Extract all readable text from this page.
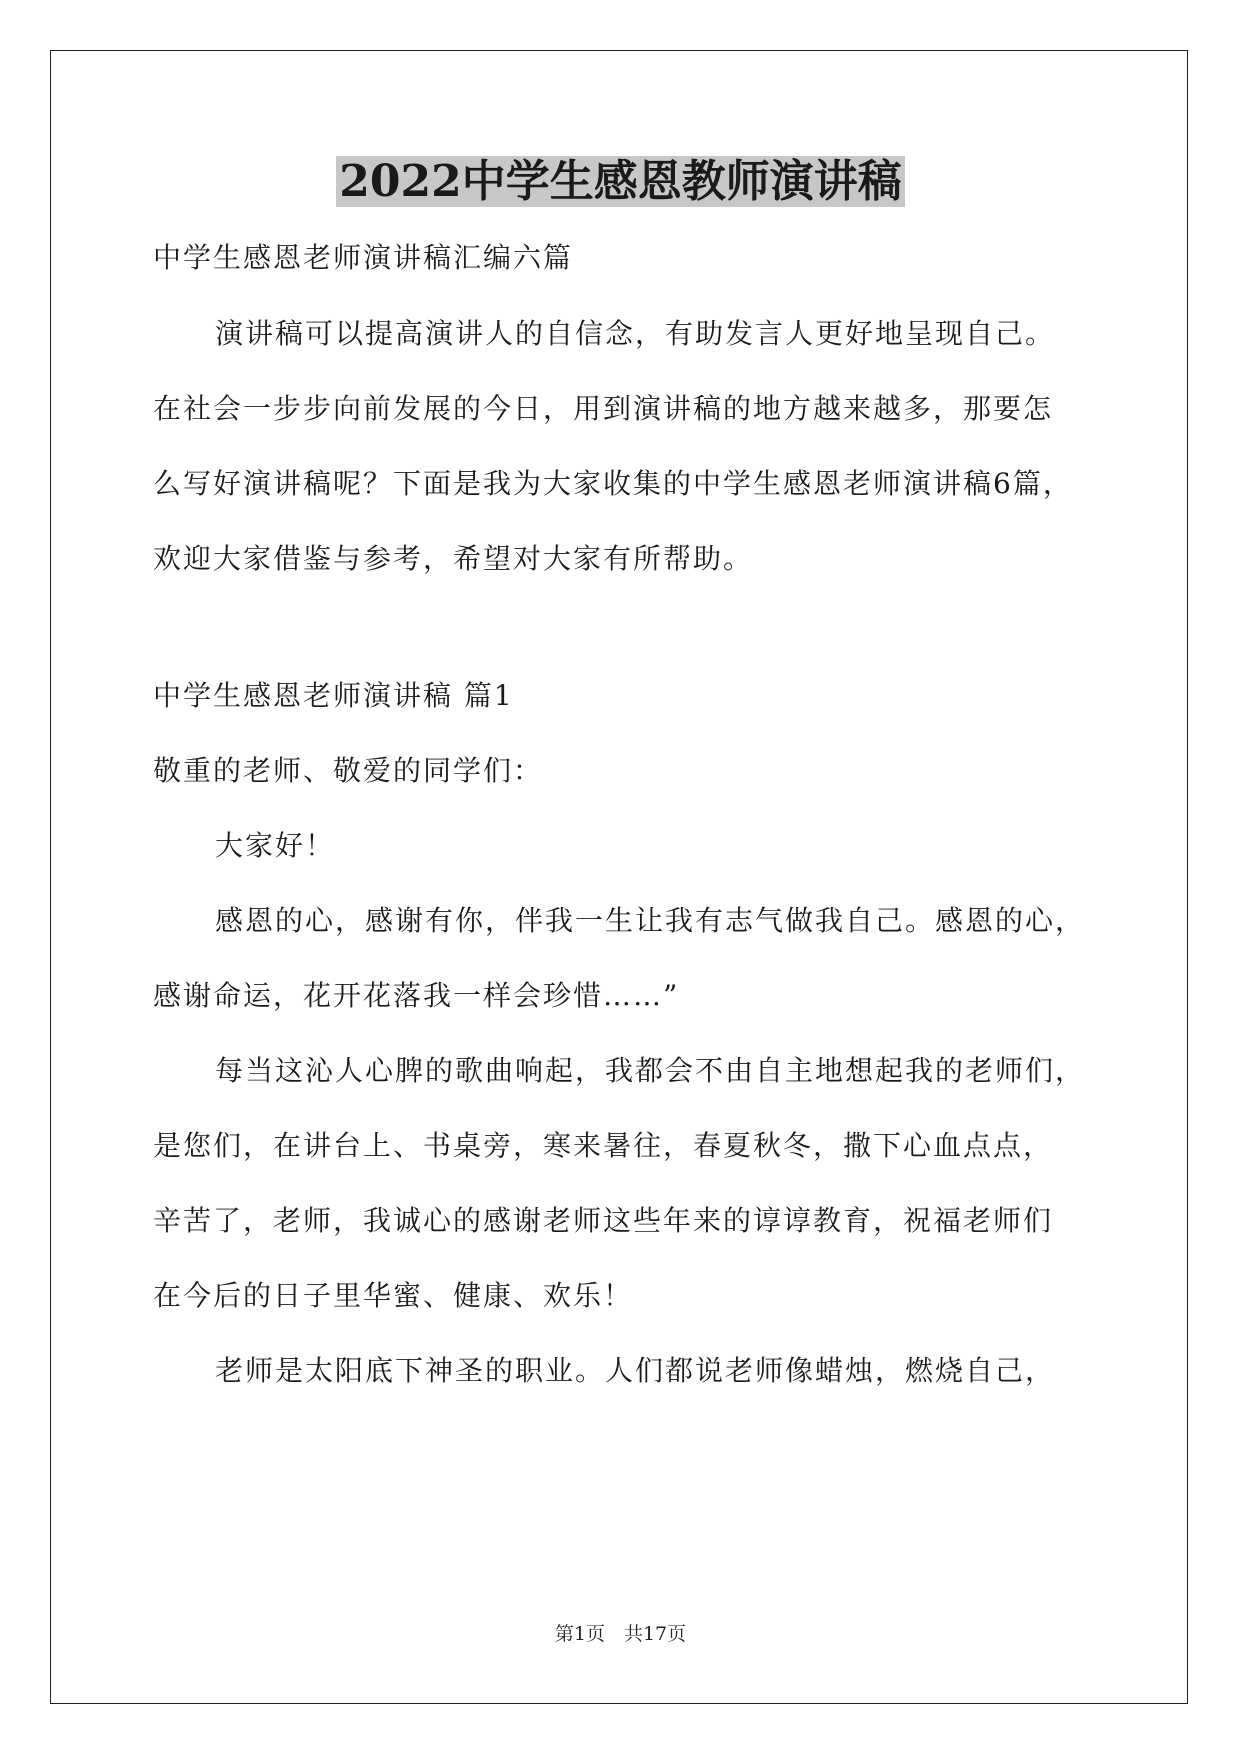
2022中学生感恩教师演讲稿
中学生感恩老师演讲稿汇编六篇
演讲稿可以提高演讲人的自信念，有助发言人更好地呈现自己。
在社会一步步向前发展的今日，用到演讲稿的地方越来越多，那要怎
么写好演讲稿呢？下面是我为大家收集的中学生感恩老师演讲稿6篇，
欢迎大家借鉴与参考，希望对大家有所帮助。
中学生感恩老师演讲稿 篇1
敬重的老师、敬爱的同学们：
大家好！
感恩的心，感谢有你，伴我一生让我有志气做我自己。感恩的心，
感谢命运，花开花落我一样会珍惜……”
每当这沁人心脾的歌曲响起，我都会不由自主地想起我的老师们，
是您们，在讲台上、书桌旁，寒来暑往，春夏秋冬，撒下心血点点，
辛苦了，老师，我诚心的感谢老师这些年来的谆谆教育，祝福老师们
在今后的日子里华蜜、健康、欢乐！
老师是太阳底下神圣的职业。人们都说老师像蜡烛，燃烧自己，
第1页　共17页
